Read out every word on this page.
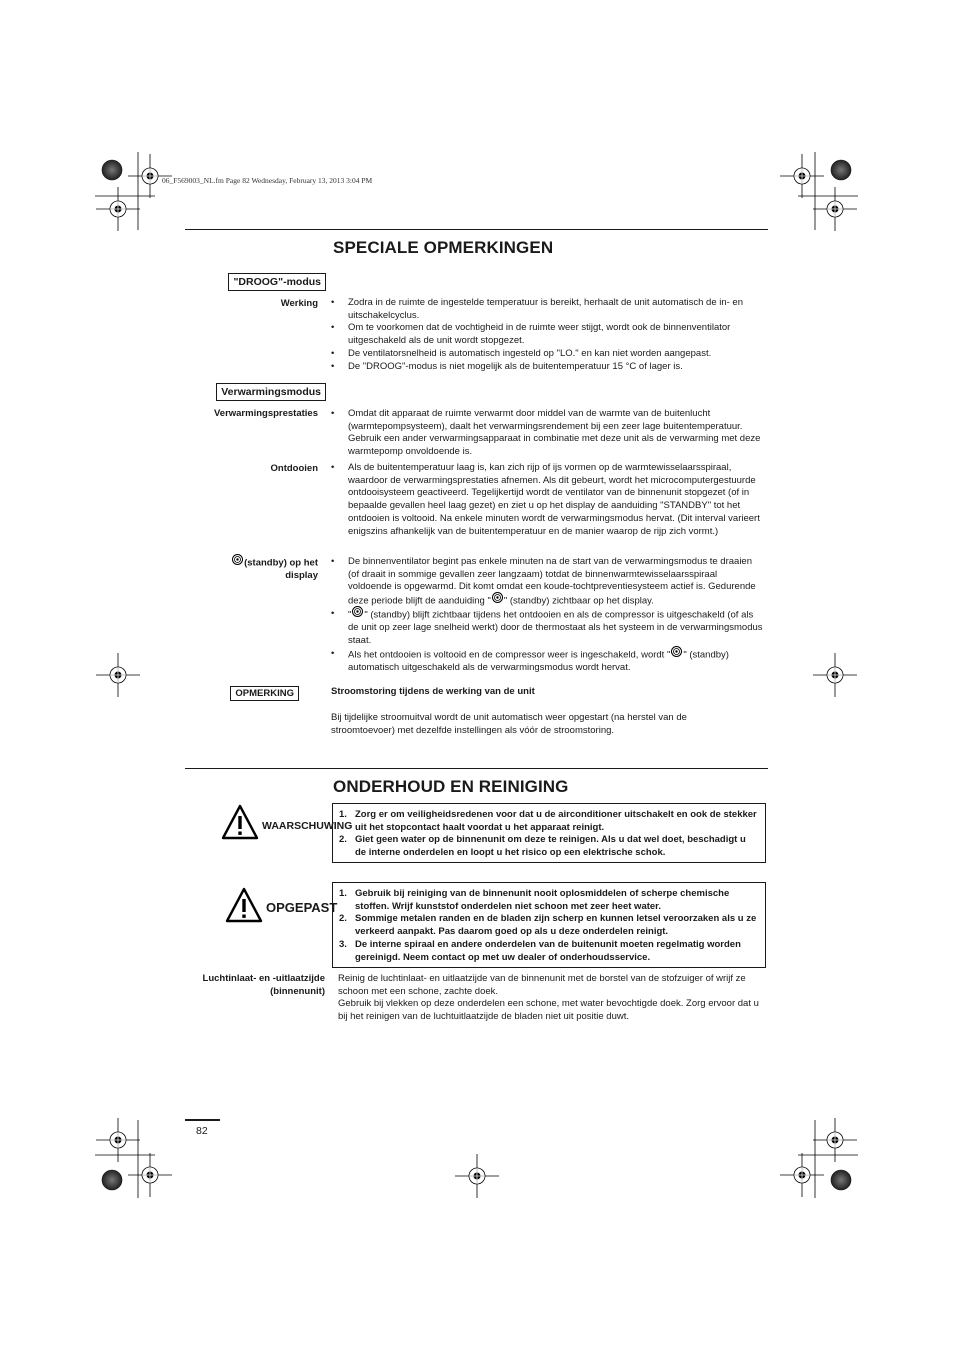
06_F569003_NL.fm Page 82 Wednesday, February 13, 2013 3:04 PM
SPECIALE OPMERKINGEN
"DROOG"-modus
Werking	• Zodra in de ruimte de ingestelde temperatuur is bereikt, herhaalt de unit automatisch de in- en uitschakelcyclus.
• Om te voorkomen dat de vochtigheid in de ruimte weer stijgt, wordt ook de binnenventilator uitgeschakeld als de unit wordt stopgezet.
• De ventilatorsnelheid is automatisch ingesteld op "LO." en kan niet worden aangepast.
• De "DROOG"-modus is niet mogelijk als de buitentemperatuur 15 °C of lager is.
Verwarmingsmodus
Verwarmingsprestaties	• Omdat dit apparaat de ruimte verwarmt door middel van de warmte van de buitenlucht (warmtepompsysteem), daalt het verwarmingsrendement bij een zeer lage buitentemperatuur. Gebruik een ander verwarmingsapparaat in combinatie met deze unit als de verwarming met deze warmtepomp onvoldoende is.
Ontdooien	• Als de buitentemperatuur laag is, kan zich rijp of ijs vormen op de warmtewisselaarsspiraal, waardoor de verwarmingsprestaties afnemen. Als dit gebeurt, wordt het microcomputergestuurde ontdooisysteem geactiveerd. Tegelijkertijd wordt de ventilator van de binnenunit stopgezet (of in bepaalde gevallen heel laag gezet) en ziet u op het display de aanduiding "STANDBY" tot het ontdooien is voltooid. Na enkele minuten wordt de verwarmingsmodus hervat. (Dit interval varieert enigszins afhankelijk van de buitentemperatuur en de manier waarop de rijp zich vormt.)
(standby) op het
display
• De binnenventilator begint pas enkele minuten na de start van de verwarmingsmodus te draaien (of draait in sommige gevallen zeer langzaam) totdat de binnenwarmtewisselaarsspiraal voldoende is opgewarmd. Dit komt omdat een koude-tochtpreventiesysteem actief is. Gedurende deze periode blijft de aanduiding " " (standby) zichtbaar op het display.
• " " (standby) blijft zichtbaar tijdens het ontdooien en als de compressor is uitgeschakeld (of als de unit op zeer lage snelheid werkt) door de thermostaat als het systeem in de verwarmingsmodus staat.
• Als het ontdooien is voltooid en de compressor weer is ingeschakeld, wordt " " (standby) automatisch uitgeschakeld als de verwarmingsmodus wordt hervat.
OPMERKING	Stroomstoring tijdens de werking van de unit
Bij tijdelijke stroomuitval wordt de unit automatisch weer opgestart (na herstel van de stroomtoevoer) met dezelfde instellingen als vóór de stroomstoring.
ONDERHOUD EN REINIGING
WAARSCHUWING
1. Zorg er om veiligheidsredenen voor dat u de airconditioner uitschakelt en ook de stekker uit het stopcontact haalt voordat u het apparaat reinigt.
2. Giet geen water op de binnenunit om deze te reinigen. Als u dat wel doet, beschadigt u de interne onderdelen en loopt u het risico op een elektrische schok.
OPGEPAST
1. Gebruik bij reiniging van de binnenunit nooit oplosmiddelen of scherpe chemische stoffen. Wrijf kunststof onderdelen niet schoon met zeer heet water.
2. Sommige metalen randen en de bladen zijn scherp en kunnen letsel veroorzaken als u ze verkeerd aanpakt. Pas daarom goed op als u deze onderdelen reinigt.
3. De interne spiraal en andere onderdelen van de buitenunit moeten regelmatig worden gereinigd. Neem contact op met uw dealer of onderhoudsservice.
Luchtinlaat- en -uitlaatzijde
(binnenunit)
Reinig de luchtinlaat- en uitlaatzijde van de binnenunit met de borstel van de stofzuiger of wrijf ze schoon met een schone, zachte doek.
Gebruik bij vlekken op deze onderdelen een schone, met water bevochtigde doek. Zorg ervoor dat u bij het reinigen van de luchtuitlaatzijde de bladen niet uit positie duwt.
82
